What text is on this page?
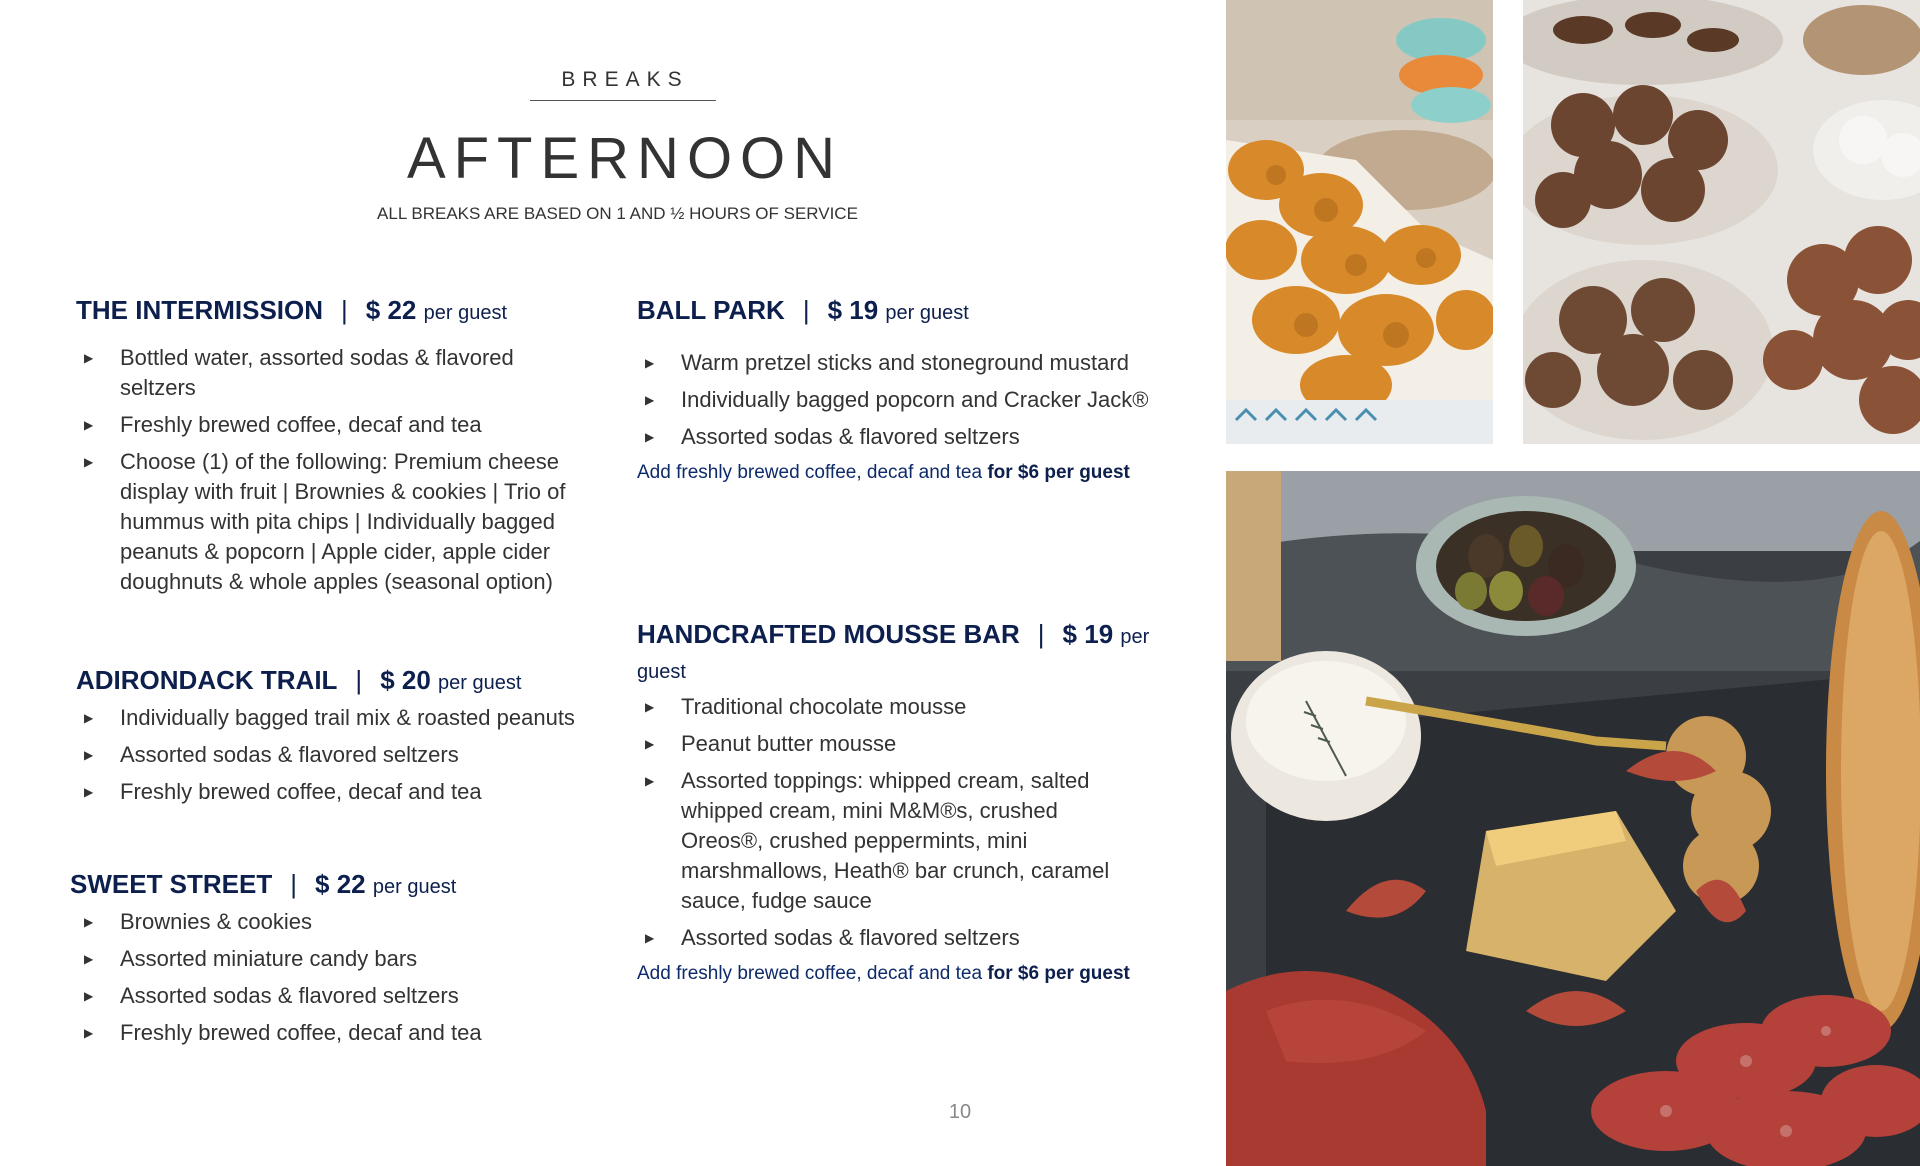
BREAKS
AFTERNOON
ALL BREAKS ARE BASED ON 1 AND ½ HOURS OF SERVICE
THE INTERMISSION | $ 22 per guest
▶ Bottled water, assorted sodas & flavored seltzers
▶ Freshly brewed coffee, decaf and tea
▶ Choose (1) of the following: Premium cheese display with fruit | Brownies & cookies | Trio of hummus with pita chips | Individually bagged peanuts & popcorn | Apple cider, apple cider doughnuts & whole apples (seasonal option)
ADIRONDACK TRAIL | $ 20 per guest
▶ Individually bagged trail mix & roasted peanuts
▶ Assorted sodas & flavored seltzers
▶ Freshly brewed coffee, decaf and tea
SWEET STREET | $ 22 per guest
▶ Brownies & cookies
▶ Assorted miniature candy bars
▶ Assorted sodas & flavored seltzers
▶ Freshly brewed coffee, decaf and tea
BALL PARK | $ 19 per guest
▶ Warm pretzel sticks and stoneground mustard
▶ Individually bagged popcorn and Cracker Jack®
▶ Assorted sodas & flavored seltzers
Add freshly brewed coffee, decaf and tea for $6 per guest
HANDCRAFTED MOUSSE BAR | $ 19 per guest
▶ Traditional chocolate mousse
▶ Peanut butter mousse
▶ Assorted toppings: whipped cream, salted whipped cream, mini M&M®s, crushed Oreos®, crushed peppermints, mini marshmallows, Heath® bar crunch, caramel sauce, fudge sauce
▶ Assorted sodas & flavored seltzers
Add freshly brewed coffee, decaf and tea for $6 per guest
10
